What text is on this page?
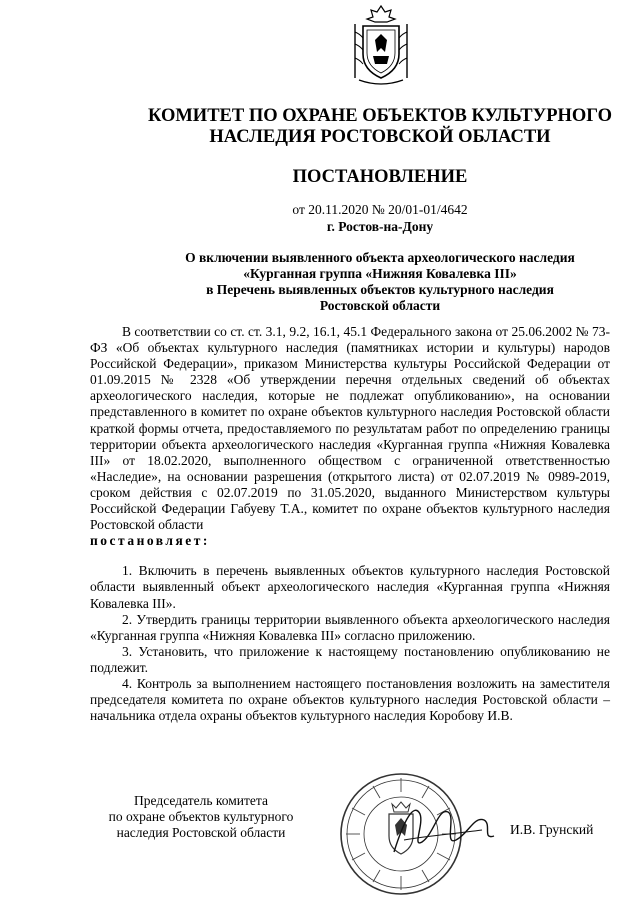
КОМИТЕТ ПО ОХРАНЕ ОБЪЕКТОВ КУЛЬТУРНОГО
НАСЛЕДИЯ РОСТОВСКОЙ ОБЛАСТИ
ПОСТАНОВЛЕНИЕ
от 20.11.2020 № 20/01-01/4642
г. Ростов-на-Дону
О включении выявленного объекта археологического наследия
«Курганная группа «Нижняя Ковалевка III»
в Перечень выявленных объектов культурного наследия
Ростовской области

В соответствии со ст. ст. 3.1, 9.2, 16.1, 45.1 Федерального закона от 25.06.2002 № 73-ФЗ «Об объектах культурного наследия (памятниках истории и культуры) народов Российской Федерации», приказом Министерства культуры Российской Федерации от 01.09.2015 № 2328 «Об утверждении перечня отдельных сведений об объектах археологического наследия, которые не подлежат опубликованию», на основании представленного в комитет по охране объектов культурного наследия Ростовской области краткой формы отчета, предоставляемого по результатам работ по определению границы территории объекта археологического наследия «Курганная группа «Нижняя Ковалевка III» от 18.02.2020, выполненного обществом с ограниченной ответственностью «Наследие», на основании разрешения (открытого листа) от 02.07.2019 № 0989-2019, сроком действия с 02.07.2019 по 31.05.2020, выданного Министерством культуры Российской Федерации Габуеву Т.А., комитет по охране объектов культурного наследия Ростовской области

постановляет:

1. Включить в перечень выявленных объектов культурного наследия Ростовской области выявленный объект археологического наследия «Курганная группа «Нижняя Ковалевка III».

2. Утвердить границы территории выявленного объекта археологического наследия «Курганная группа «Нижняя Ковалевка III» согласно приложению.

3. Установить, что приложение к настоящему постановлению опубликованию не подлежит.

4. Контроль за выполнением настоящего постановления возложить на заместителя председателя комитета по охране объектов культурного наследия Ростовской области – начальника отдела охраны объектов культурного наследия Коробову И.В.

Председатель комитета
по охране объектов культурного
наследия Ростовской области	И.В. Грунский
